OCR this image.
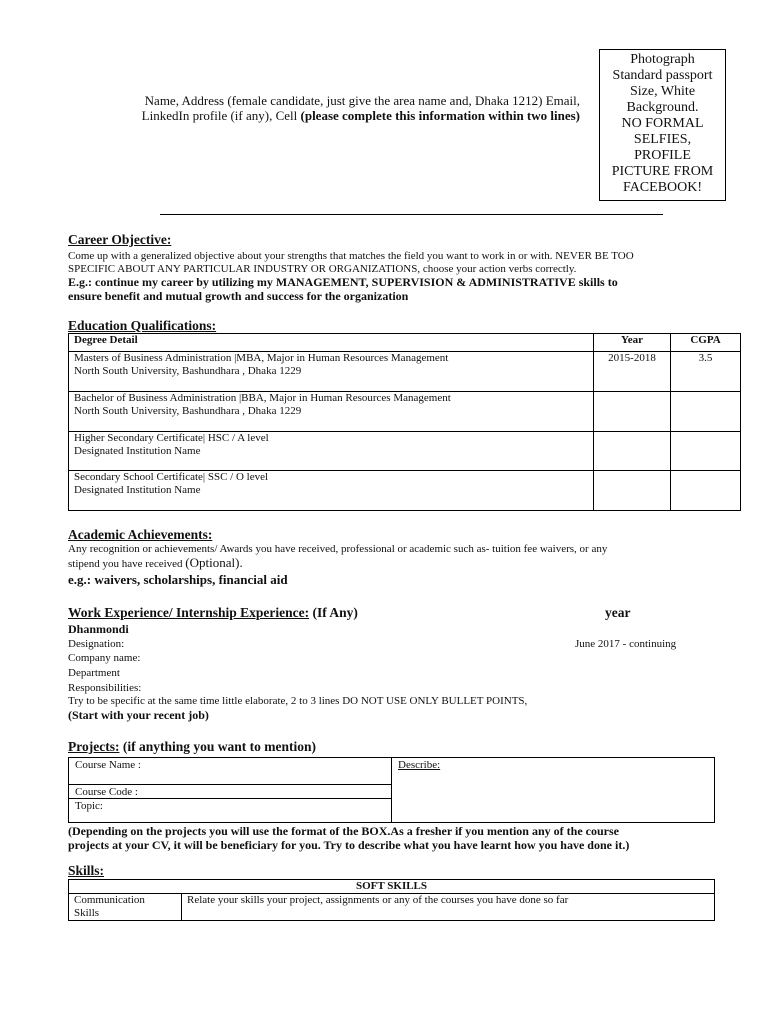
Name, Address (female candidate, just give the area name and, Dhaka 1212) Email,
LinkedIn profile (if any), Cell (please complete this information within two lines)
Photograph
Standard passport
Size, White
Background.
NO FORMAL
SELFIES,
PROFILE
PICTURE FROM
FACEBOOK!
Career Objective:
Come up with a generalized objective about your strengths that matches the field you want to work in or with. NEVER BE TOO
SPECIFIC ABOUT ANY PARTICULAR INDUSTRY OR ORGANIZATIONS, choose your action verbs correctly.
E.g.: continue my career by utilizing my MANAGEMENT, SUPERVISION & ADMINISTRATIVE skills to
ensure benefit and mutual growth and success for the organization
Education Qualifications:
Degree Detail	Year	CGPA

Masters of Business Administration |MBA, Major in Human Resources Management
North South University, Bashundhara , Dhaka 1229	2015-2018	3.5

Bachelor of Business Administration |BBA, Major in Human Resources Management
North South University, Bashundhara , Dhaka 1229		

Higher Secondary Certificate| HSC / A level
Designated Institution Name		

Secondary School Certificate| SSC / O level
Designated Institution Name		

Academic Achievements:
Any recognition or achievements/ Awards you have received, professional or academic such as- tuition fee waivers, or any
stipend you have received (Optional).
e.g.: waivers, scholarships, financial aid
Work Experience/ Internship Experience: (If Any)	year
Dhanmondi
Designation:	June 2017 - continuing
Company name:
Department
Responsibilities:
Try to be specific at the same time little elaborate, 2 to 3 lines DO NOT USE ONLY BULLET POINTS,
(Start with your recent job)
Projects: (if anything you want to mention)
Course Name :
Course Code :
Topic:
Describe:
(Depending on the projects you will use the format of the BOX.As a fresher if you mention any of the course
projects at your CV, it will be beneficiary for you. Try to describe what you have learnt how you have done it.)
Skills:
SOFT SKILLS

Communication
Skills
	Relate your skills your project, assignments or any of the courses you have done so far
